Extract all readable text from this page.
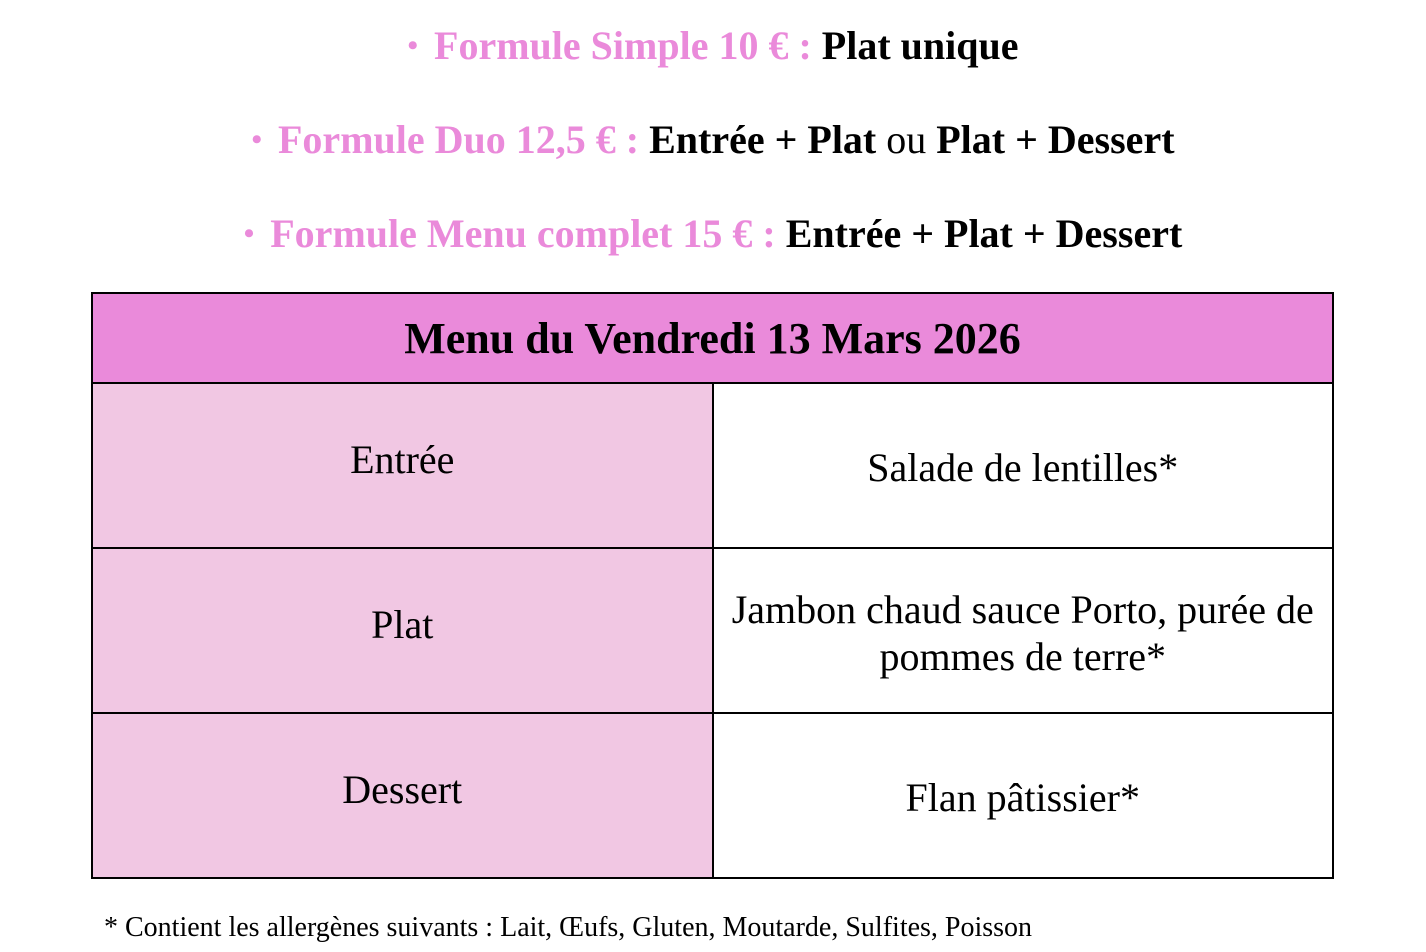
• Formule Simple 10 € : Plat unique
• Formule Duo 12,5 € : Entrée + Plat ou Plat + Dessert
• Formule Menu complet 15 € : Entrée + Plat + Dessert
Menu du Vendredi 13 Mars 2026	
Entrée	Salade de lentilles*
Plat	Jambon chaud sauce Porto, purée de pommes de terre*
Dessert	Flan pâtissier*
* Contient les allergènes suivants : Lait, Œufs, Gluten, Moutarde, Sulfites, Poisson
